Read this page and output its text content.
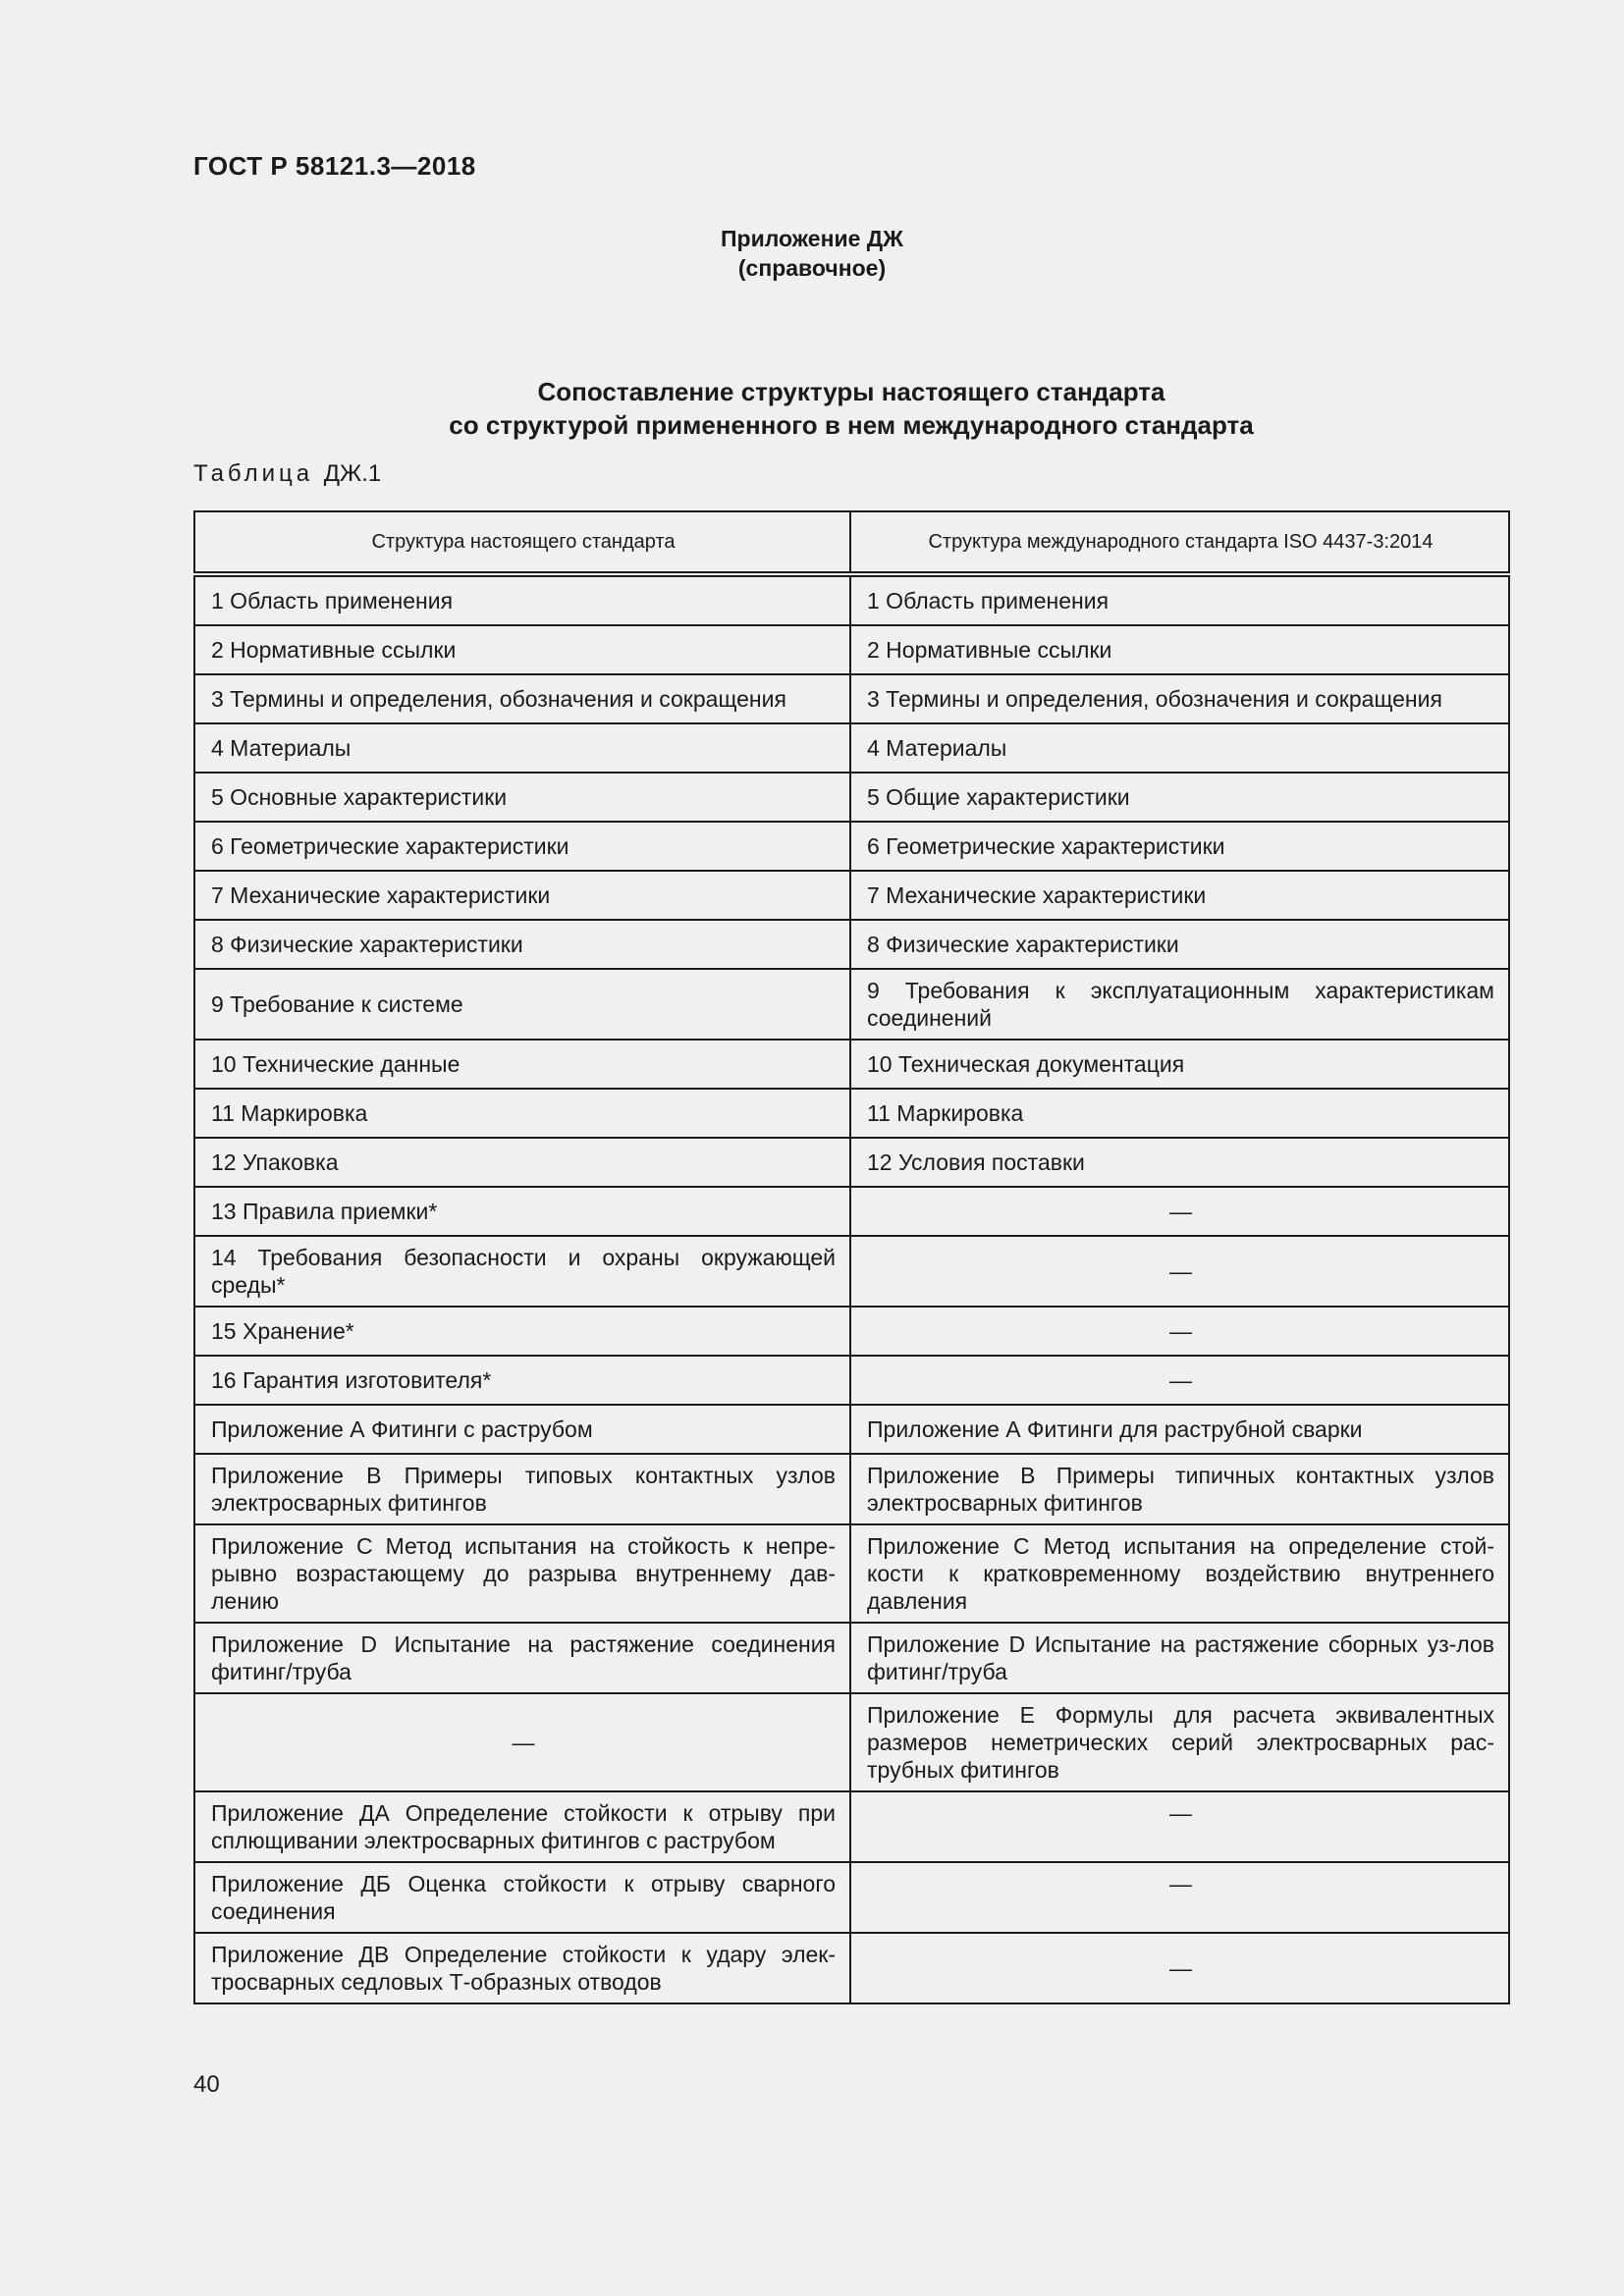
ГОСТ Р 58121.3—2018
Приложение ДЖ
(справочное)
Сопоставление структуры настоящего стандарта
со структурой примененного в нем международного стандарта
Таблица ДЖ.1
Структура настоящего стандарта	Структура международного стандарта ISO 4437-3:2014
1 Область применения	1 Область применения
2 Нормативные ссылки	2 Нормативные ссылки
3 Термины и определения, обозначения и сокращения	3 Термины и определения, обозначения и сокращения
4 Материалы	4 Материалы
5 Основные характеристики	5 Общие характеристики
6 Геометрические характеристики	6 Геометрические характеристики
7 Механические характеристики	7 Механические характеристики
8 Физические характеристики	8 Физические характеристики
9 Требование к системе	9 Требования к эксплуатационным характеристикам соединений
10 Технические данные	10 Техническая документация
11 Маркировка	11 Маркировка
12 Упаковка	12 Условия поставки
13 Правила приемки*	—
14 Требования безопасности и охраны окружающей среды*	—
15 Хранение*	—
16 Гарантия изготовителя*	—
Приложение А Фитинги с раструбом	Приложение А Фитинги для раструбной сварки
Приложение В Примеры типовых контактных узлов электросварных фитингов	Приложение В Примеры типичных контактных узлов электросварных фитингов
Приложение С Метод испытания на стойкость к непре-рывно возрастающему до разрыва внутреннему дав-лению	Приложение С Метод испытания на определение стой-кости к кратковременному воздействию внутреннего давления
Приложение D Испытание на растяжение соединения фитинг/труба	Приложение D Испытание на растяжение сборных уз-лов фитинг/труба
—	Приложение Е Формулы для расчета эквивалентных размеров неметрических серий электросварных рас-трубных фитингов
Приложение ДА Определение стойкости к отрыву при сплющивании электросварных фитингов с раструбом	—
Приложение ДБ Оценка стойкости к отрыву сварного соединения	—
Приложение ДВ Определение стойкости к удару элек-тросварных седловых Т-образных отводов	—
40
